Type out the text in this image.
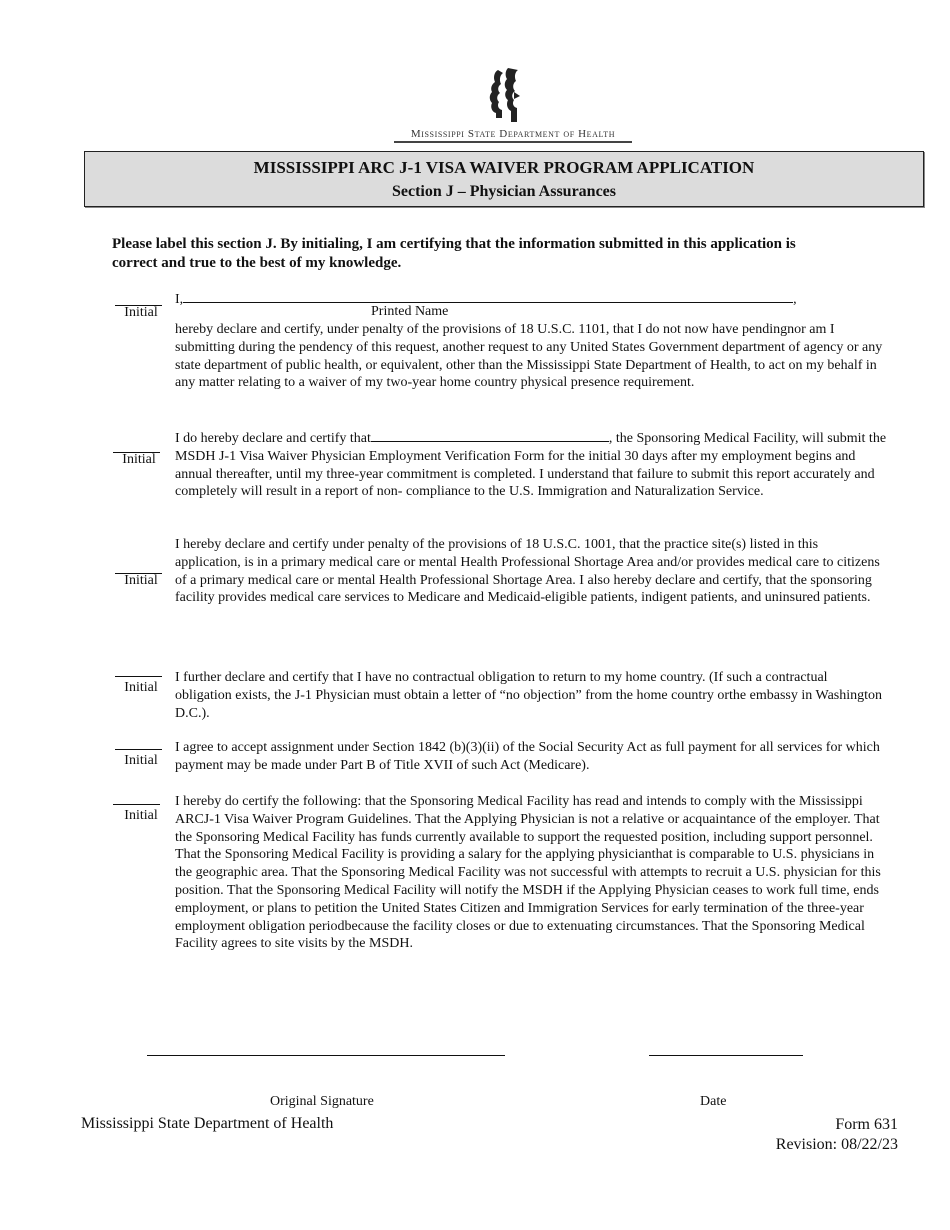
Mississippi State Department of Health
MISSISSIPPI ARC J-1 VISA WAIVER PROGRAM APPLICATION
Section J – Physician Assurances
Please label this section J. By initialing, I am certifying that the information submitted in this application is correct and true to the best of my knowledge.
Initial
I,	,
Printed Name
hereby declare and certify, under penalty of the provisions of 18 U.S.C. 1101, that I do not now have pendingnor am I submitting during the pendency of this request, another request to any United States Government department of agency or any state department of public health, or equivalent, other than the Mississippi State Department of Health, to act on my behalf in any matter relating to a waiver of my two-year home country physical presence requirement.
Initial
I do hereby declare and certify that	, the Sponsoring Medical Facility, will submit the MSDH J-1 Visa Waiver Physician Employment Verification Form for the initial 30 days after my employment begins and annual thereafter, until my three-year commitment is completed. I understand that failure to submit this report accurately and completely will result in a report of non- compliance to the U.S. Immigration and Naturalization Service.
Initial
I hereby declare and certify under penalty of the provisions of 18 U.S.C. 1001, that the practice site(s) listed in this application, is in a primary medical care or mental Health Professional Shortage Area and/or provides medical care to citizens of a primary medical care or mental Health Professional Shortage Area. I also hereby declare and certify, that the sponsoring facility provides medical care services to Medicare and Medicaid-eligible patients, indigent patients, and uninsured patients.
Initial
I further declare and certify that I have no contractual obligation to return to my home country. (If such a contractual obligation exists, the J-1 Physician must obtain a letter of “no objection” from the home country orthe embassy in Washington D.C.).
Initial
I agree to accept assignment under Section 1842 (b)(3)(ii) of the Social Security Act as full payment for all services for which payment may be made under Part B of Title XVII of such Act (Medicare).
Initial
I hereby do certify the following: that the Sponsoring Medical Facility has read and intends to comply with the Mississippi ARCJ-1 Visa Waiver Program Guidelines. That the Applying Physician is not a relative or acquaintance of the employer. That the Sponsoring Medical Facility has funds currently available to support the requested position, including support personnel. That the Sponsoring Medical Facility is providing a salary for the applying physicianthat is comparable to U.S. physicians in the geographic area. That the Sponsoring Medical Facility was not successful with attempts to recruit a U.S. physician for this position. That the Sponsoring Medical Facility will notify the MSDH if the Applying Physician ceases to work full time, ends employment, or plans to petition the United States Citizen and Immigration Services for early termination of the three-year employment obligation periodbecause the facility closes or due to extenuating circumstances. That the Sponsoring Medical Facility agrees to site visits by the MSDH.
Original Signature	Date
Mississippi State Department of Health	Form 631
Revision: 08/22/23
